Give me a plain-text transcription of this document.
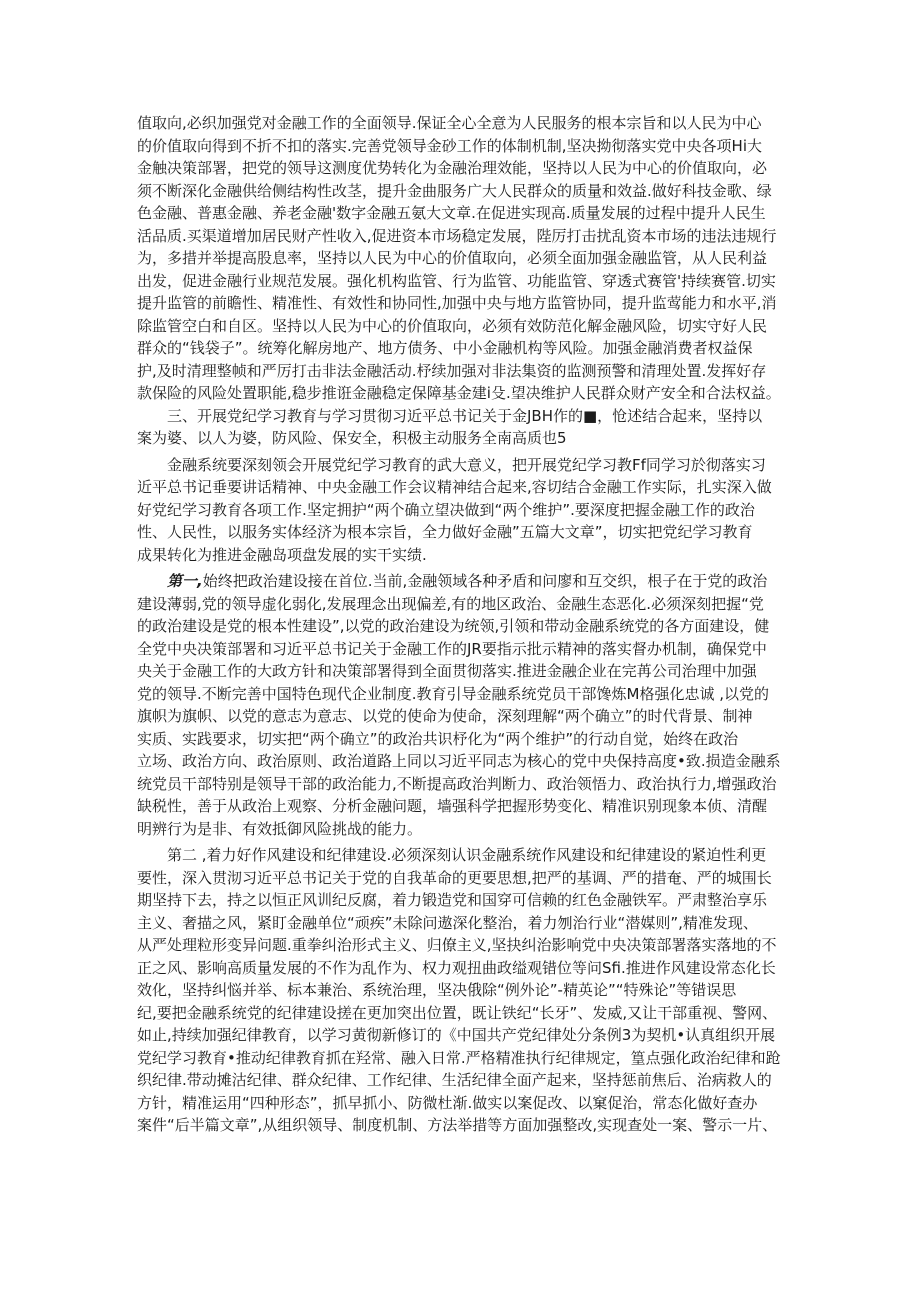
值取向,必织加强党对金融工作的全面领导.保证全心全意为人民服务的根本宗旨和以人民为中心
的价值取向得到不折不扣的落实.完善党领导金砂工作的体制机制,坚决拗彻落实党中央各项Hi大
金触决策部署，把党的领导这测度优势转化为金融治理效能，坚持以人民为中心的价值取向，必
须不断深化金融供给侧结构性改茎，提升金曲服务广大人民群众的质量和效益.做好科技金歌、绿
色金融、普惠金融、养老金融'数字金融五氨大文章.在促进实现高.质量发展的过程中提升人民生
活品质.买渠道增加居民财产性收入,促进资本市场稳定发展，陛厉打击扰乱资本市场的违法违规行
为，多措并举提高股息率，坚持以人民为中心的价值取向，必须全面加强金融监管，从人民利益
出发，促进金融行业规范发展。强化机构监管、行为监管、功能监管、穿透式赛管'持续赛管.切实
提升监管的前瞻性、精准性、有效性和协同性,加强中央与地方监管协同，提升监莺能力和水平,消
除监管空白和自区。坚持以人民为中心的价值取向，必须有效防范化解金融风险，切实守好人民
群众的“钱袋子”。统筹化解房地产、地方债务、中小金融机构等风险。加强金融消费者权益保
护,及时清理整帧和严厉打击非法金融活动.杼续加强对非法集资的监测预警和清理处置.发挥好存
款保险的风险处置职能,稳步推诳金融稳定保障基金建i殳.望决维护人民群众财产安全和合法权益。
三、开展党纪学习教育与学习贯彻习近平总书记关于金JBH作的■，怆述结合起来，坚持以
案为婆、以人为婆，防风险、保安全，积极主动服务全南高质也5
金融系统要深刻领会开展党纪学习教育的武大意义，把开展党纪学习教Ff同学习於彻落实习
近平总书记垂要讲话精神、中央金融工作会议精神结合起来,容切结合金融工作实际，扎实深入做
好党纪学习教育各项工作.坚定拥护“两个确立望决做到“两个维护”.要深度把握金融工作的政治
性、人民性，以服务实体经济为根本宗旨，全力做好金融”五篇大文章”，切实把党纪学习教育
成果转化为推进金融岛项盘发展的实干实绩.
第一,始终把政治建设接在首位.当前,金融领域各种矛盾和问廖和互交织，根子在于党的政治
建设薄弱,党的领导虚化弱化,发展理念出现偏差,有的地区政治、金融生态恶化.必须深刻把握“党
的政治建设是党的根本性建设”,以党的政治建设为统领,引领和带动金融系统党的各方面建设，健
全党中央决策部署和习近平总书记关于金融工作的JR要指示批示精神的落实督办机制，确保党中
央关于金融工作的大政方针和决策部署得到全面贯彻落实.推进金融企业在完苒公司治理中加强
党的领导.不断完善中国特色现代企业制度.教育引导金融系统党员干部馋炼M格强化忠诚 ,以党的
旗帜为旗帜、以党的意志为意志、以党的使命为使命，深刻理解“两个确立”的时代背景、制神
实质、实践要求，切实把“两个确立”的政治共识杼化为“两个维护”的行动自觉，始终在政治
立场、政治方向、政治原则、政治道路上同以习近平同志为核心的党中央保持高度•致.损造金融系
统党员干部特别是领导干部的政治能力,不断提高政治判断力、政治领悟力、政治执行力,增强政治
缺税性，善于从政治上观察、分析金融问题，墙强科学把握形势变化、精准识别现象本侦、清醒
明辨行为是非、有效抵御风险挑战的能力。
第二 ,着力好作风建设和纪律建设.必须深刻认识金融系统作风建设和纪律建设的紧迫性利更
要性，深入贯沏习近平总书记关于党的自我革命的更要思想,把严的基调、严的措奄、严的城围长
期坚持下去，持之以恒正风训纪反腐，着力锻造党和国穿可信赖的红色金融铁军。严肃整治享乐
主义、奢描之风，紧盯金融单位“顽疾”未除问遨深化整治，着力刎治行业“潜媒则”,精准发现、
从严处理粒形变异问题.重拳纠治形式主义、归僚主义,坚抉纠治影响党中央决策部署落实落地的不
正之风、影响高质量发展的不作为乱作为、权力观扭曲政缢观错位等问Sfi.推进作风建设常态化长
效化，坚持纠悩并举、标本兼治、系统治理，坚决俄除“例外论”-精英论”“特殊论”等错误思
纪,要把金融系统党的纪律建设搓在更加突出位置，既让铁纪“长牙”、发威,又让干部重视、警网、
如止,持续加强纪律教育，以学习黄彻新修订的《中国共产党纪律处分条例3为契机•认真组织开展
党纪学习教育•推动纪律教育抓在羟常、融入日常.严格精准执行纪律规定，篁点强化政治纪律和跄
织纪律.带动摊沽纪律、群众纪律、工作纪律、生活纪律全面产起来，坚持惩前焦后、治病救人的
方针，精准运用“四种形态”，抓早抓小、防微杜渐.做实以案促改、以窠促治，常态化做好查办
案件“后半篇文章”,从组织领导、制度机制、方法举措等方面加强整改,实现查处一案、警示一片、
